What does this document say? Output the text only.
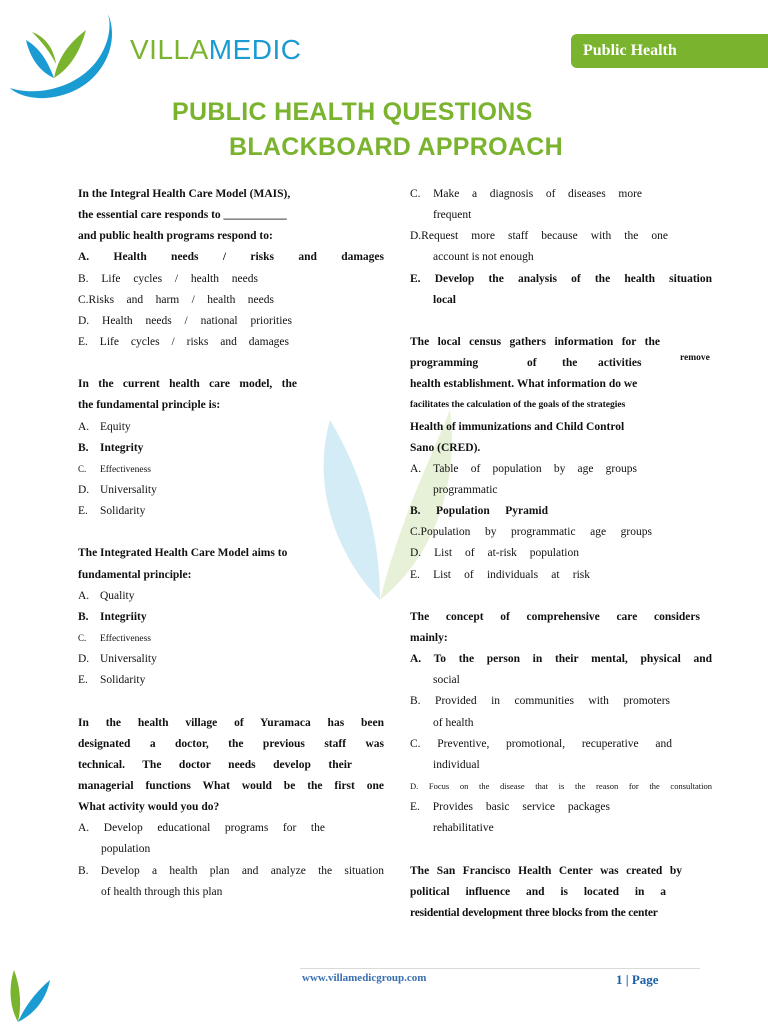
VILLAMEDIC	Public Health
PUBLIC HEALTH QUESTIONS
BLACKBOARD APPROACH
In the Integral Health Care Model (MAIS),
the essential care responds to ___________
and public health programs respond to:
A. Health needs / risks and damages
B. Life cycles / health needs
C.Risks and harm / health needs
D. Health needs / national priorities
E. Life cycles / risks and damages
In the current health care model, the
the fundamental principle is:
A. Equity
B. Integrity
C. Effectiveness
D. Universality
E. Solidarity
The Integrated Health Care Model aims to
fundamental principle:
A. Quality
B. Integriity
C. Effectiveness
D. Universality
E. Solidarity
In the health village of Yuramaca has been
designated a doctor, the previous staff was
technical. The doctor needs develop their
managerial functions What would be the first one
What activity would you do?
A. Develop educational programs for the
population
B. Develop a health plan and analyze the situation
of health through this plan
C. Make a diagnosis of diseases more
frequent
D.Request more staff because with the one
account is not enough
E. Develop the analysis of the health situation
local
The local census gathers information for the
programming	of the activities	remove
health establishment. What information do we
facilitates the calculation of the goals of the strategies
Health of immunizations and Child Control
Sano (CRED).
A. Table of population by age groups
programmatic
B. Population Pyramid
C.Population by programmatic age groups
D. List of at-risk population
E. List of individuals at risk
The concept of comprehensive care considers
mainly:
A. To the person in their mental, physical and
social
B. Provided in communities with promoters
of health
C. Preventive, promotional, recuperative and
individual
D. Focus on the disease that is the reason for the consultation
E. Provides basic service packages
rehabilitative
The San Francisco Health Center was created by
political influence and is located in a
residential development three blocks from the center
www.villamedicgroup.com	1 | Page
